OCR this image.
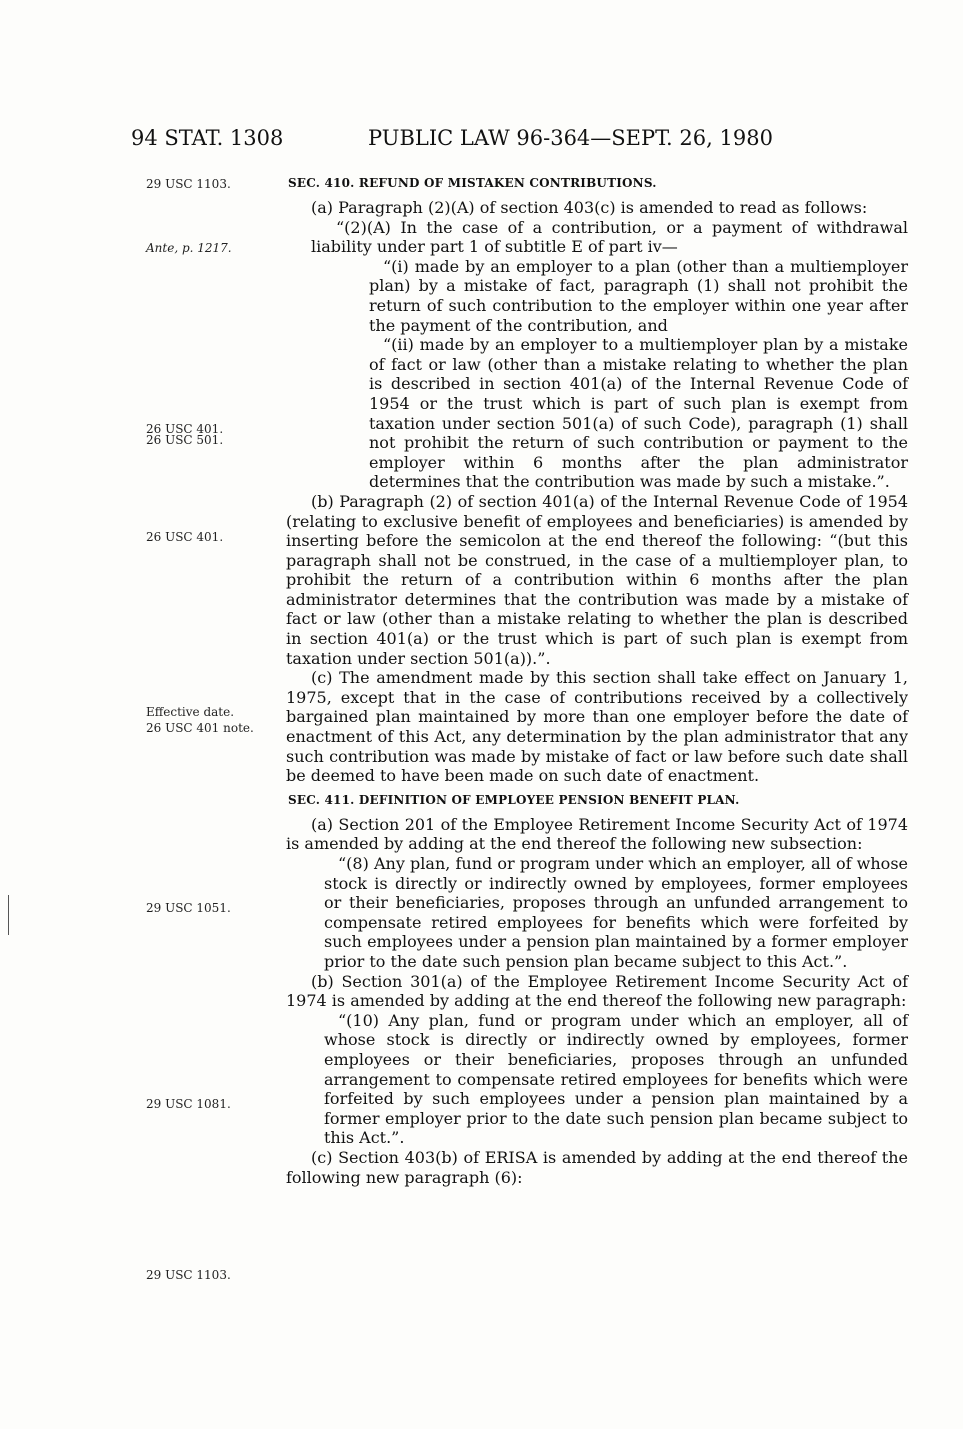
94 STAT. 1308	PUBLIC LAW 96-364—SEPT. 26, 1980
29 USC 1103.
Ante, p. 1217.
26 USC 401.
26 USC 501.
26 USC 401.
Effective date.
26 USC 401 note.
29 USC 1051.
29 USC 1081.
29 USC 1103.
SEC. 410. REFUND OF MISTAKEN CONTRIBUTIONS.

(a) Paragraph (2)(A) of section 403(c) is amended to read as follows:

“(2)(A) In the case of a contribution, or a payment of withdrawal liability under part 1 of subtitle E of part iv—

“(i) made by an employer to a plan (other than a multiemployer plan) by a mistake of fact, paragraph (1) shall not prohibit the return of such contribution to the employer within one year after the payment of the contribution, and

“(ii) made by an employer to a multiemployer plan by a mistake of fact or law (other than a mistake relating to whether the plan is described in section 401(a) of the Internal Revenue Code of 1954 or the trust which is part of such plan is exempt from taxation under section 501(a) of such Code), paragraph (1) shall not prohibit the return of such contribution or payment to the employer within 6 months after the plan administrator determines that the contribution was made by such a mistake.”.

(b) Paragraph (2) of section 401(a) of the Internal Revenue Code of 1954 (relating to exclusive benefit of employees and beneficiaries) is amended by inserting before the semicolon at the end thereof the following: “(but this paragraph shall not be construed, in the case of a multiemployer plan, to prohibit the return of a contribution within 6 months after the plan administrator determines that the contribution was made by a mistake of fact or law (other than a mistake relating to whether the plan is described in section 401(a) or the trust which is part of such plan is exempt from taxation under section 501(a)).”.

(c) The amendment made by this section shall take effect on January 1, 1975, except that in the case of contributions received by a collectively bargained plan maintained by more than one employer before the date of enactment of this Act, any determination by the plan administrator that any such contribution was made by mistake of fact or law before such date shall be deemed to have been made on such date of enactment.

SEC. 411. DEFINITION OF EMPLOYEE PENSION BENEFIT PLAN.

(a) Section 201 of the Employee Retirement Income Security Act of 1974 is amended by adding at the end thereof the following new subsection:

“(8) Any plan, fund or program under which an employer, all of whose stock is directly or indirectly owned by employees, former employees or their beneficiaries, proposes through an unfunded arrangement to compensate retired employees for benefits which were forfeited by such employees under a pension plan maintained by a former employer prior to the date such pension plan became subject to this Act.”.

(b) Section 301(a) of the Employee Retirement Income Security Act of 1974 is amended by adding at the end thereof the following new paragraph:

“(10) Any plan, fund or program under which an employer, all of whose stock is directly or indirectly owned by employees, former employees or their beneficiaries, proposes through an unfunded arrangement to compensate retired employees for benefits which were forfeited by such employees under a pension plan maintained by a former employer prior to the date such pension plan became subject to this Act.”.

(c) Section 403(b) of ERISA is amended by adding at the end thereof the following new paragraph (6):
